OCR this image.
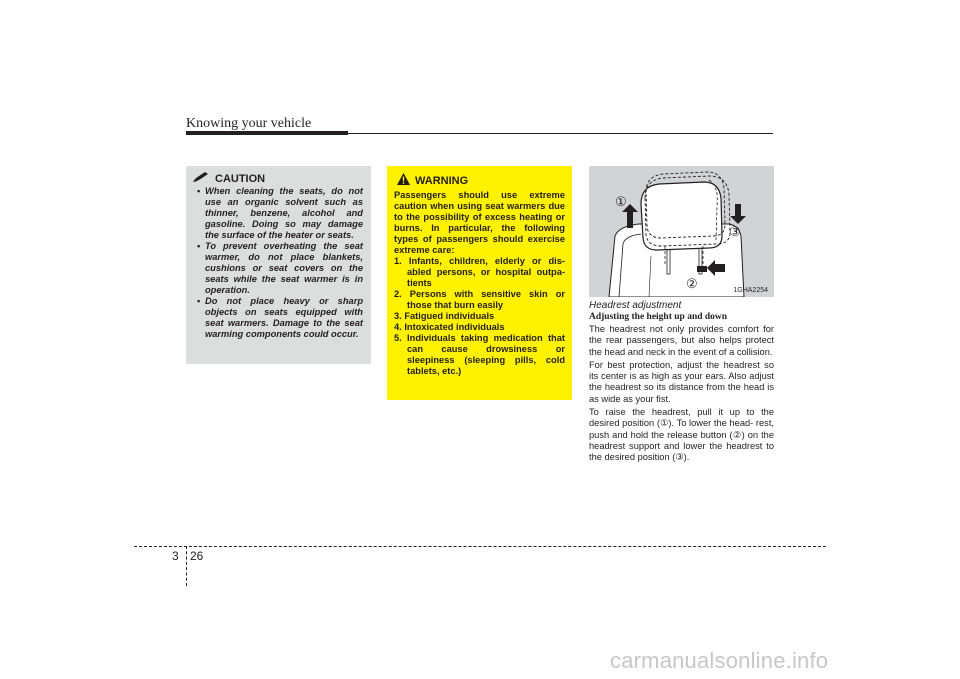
Knowing your vehicle
CAUTION
• When cleaning the seats, do not use an organic solvent such as thinner, benzene, alcohol and gasoline. Doing so may damage the surface of the heater or seats.
• To prevent overheating the seat warmer, do not place blankets, cushions or seat covers on the seats while the seat warmer is in operation.
• Do not place heavy or sharp objects on seats equipped with seat warmers. Damage to the seat warming components could occur.
WARNING

Passengers should use extreme caution when using seat warmers due to the possibility of excess heating or burns. In particular, the following types of passengers should exercise extreme care:

1. Infants, children, elderly or dis- abled persons, or hospital outpa- tients
2. Persons with sensitive skin or those that burn easily
3. Fatigued individuals
4. Intoxicated individuals
5. Individuals taking medication that can cause drowsiness or sleepiness (sleeping pills, cold tablets, etc.)
①
②
③
1GHA2254

Headrest adjustment

Adjusting the height up and down

The headrest not only provides comfort for the rear passengers, but also helps protect the head and neck in the event of a collision.

For best protection, adjust the headrest so its center is as high as your ears. Also adjust the headrest so its distance from the head is as wide as your fist.

To raise the headrest, pull it up to the desired position (①). To lower the head- rest, push and hold the release button (②) on the headrest support and lower the headrest to the desired position (③).

3 26
carmanualsonline.info
